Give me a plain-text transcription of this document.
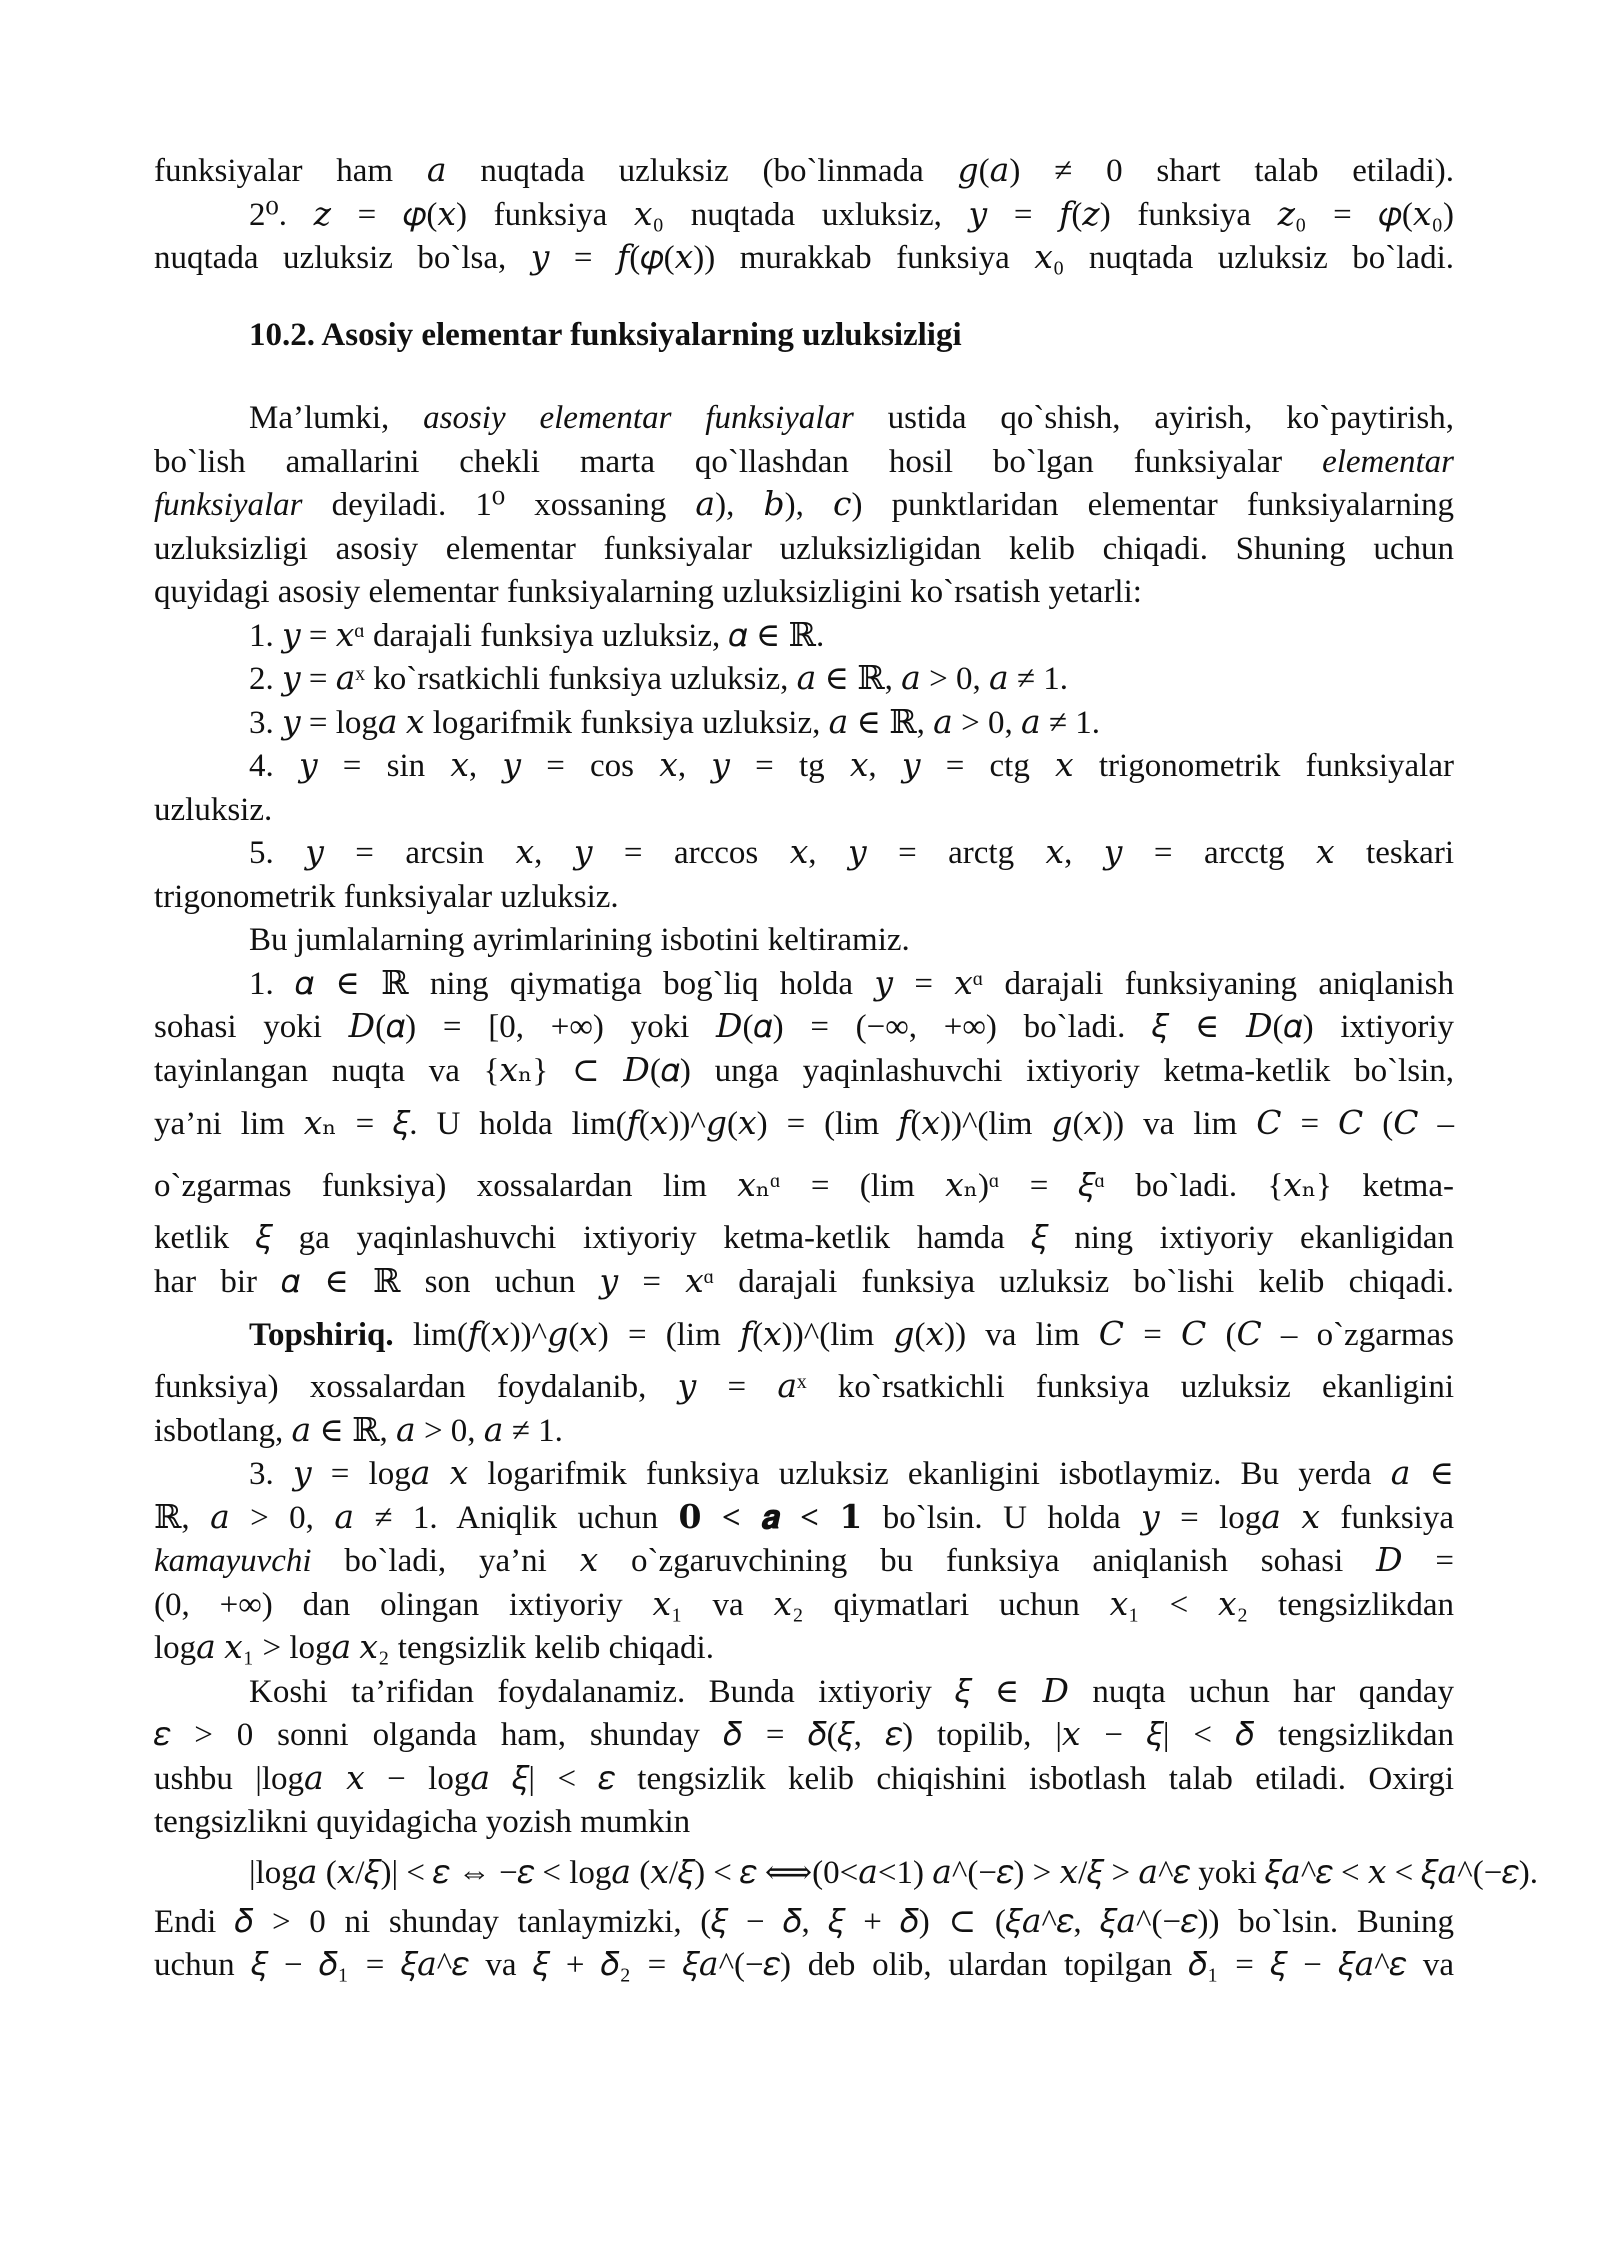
funksiyalar ham 𝑎 nuqtada uzluksiz (bo`linmada 𝑔(𝑎) ≠ 0 shart talab etiladi).
2⁰. 𝑧 = 𝜑(𝑥) funksiya 𝑥₀ nuqtada uxluksiz, 𝑦 = 𝑓(𝑧) funksiya 𝑧₀ = 𝜑(𝑥₀)
nuqtada uzluksiz bo`lsa, 𝑦 = 𝑓(𝜑(𝑥)) murakkab funksiya 𝑥₀ nuqtada uzluksiz bo`ladi.
10.2. Asosiy elementar funksiyalarning uzluksizligi
Ma’lumki, asosiy elementar funksiyalar ustida qo`shish, ayirish, ko`paytirish,
bo`lish amallarini chekli marta qo`llashdan hosil bo`lgan funksiyalar elementar
funksiyalar deyiladi. 1⁰ xossaning 𝑎), 𝑏), 𝑐) punktlaridan elementar funksiyalarning
uzluksizligi asosiy elementar funksiyalar uzluksizligidan kelib chiqadi. Shuning uchun
quyidagi asosiy elementar funksiyalarning uzluksizligini ko`rsatish yetarli:
1. 𝑦 = 𝑥ᵅ darajali funksiya uzluksiz, 𝛼 ∈ ℝ.
2. 𝑦 = 𝑎ˣ ko`rsatkichli funksiya uzluksiz, 𝑎 ∈ ℝ, 𝑎 > 0, 𝑎 ≠ 1.
3. 𝑦 = log𝑎 𝑥 logarifmik funksiya uzluksiz, 𝑎 ∈ ℝ, 𝑎 > 0, 𝑎 ≠ 1.
4. 𝑦 = sin 𝑥, 𝑦 = cos 𝑥, 𝑦 = tg 𝑥, 𝑦 = ctg 𝑥 trigonometrik funksiyalar
uzluksiz.
5. 𝑦 = arcsin 𝑥, 𝑦 = arccos 𝑥, 𝑦 = arctg 𝑥, 𝑦 = arcctg 𝑥 teskari
trigonometrik funksiyalar uzluksiz.
Bu jumlalarning ayrimlarining isbotini keltiramiz.
1. 𝛼 ∈ ℝ ning qiymatiga bog`liq holda 𝑦 = 𝑥ᵅ darajali funksiyaning aniqlanish
sohasi yoki 𝐷(𝛼) = [0, +∞) yoki 𝐷(𝛼) = (−∞, +∞) bo`ladi. 𝜉 ∈ 𝐷(𝛼) ixtiyoriy
tayinlangan nuqta va {𝑥ₙ} ⊂ 𝐷(𝛼) unga yaqinlashuvchi ixtiyoriy ketma-ketlik bo`lsin,
ya’ni lim 𝑥ₙ = 𝜉. U holda lim(𝑓(𝑥))^𝑔(𝑥) = (lim 𝑓(𝑥))^(lim 𝑔(𝑥)) va lim 𝐶 = 𝐶 (𝐶 –
o`zgarmas funksiya) xossalardan lim 𝑥ₙᵅ = (lim 𝑥ₙ)ᵅ = 𝜉ᵅ bo`ladi. {𝑥ₙ} ketma-
ketlik 𝜉 ga yaqinlashuvchi ixtiyoriy ketma-ketlik hamda 𝜉 ning ixtiyoriy ekanligidan
har bir 𝛼 ∈ ℝ son uchun 𝑦 = 𝑥ᵅ darajali funksiya uzluksiz bo`lishi kelib chiqadi.
Topshiriq. lim(𝑓(𝑥))^𝑔(𝑥) = (lim 𝑓(𝑥))^(lim 𝑔(𝑥)) va lim 𝐶 = 𝐶 (𝐶 – o`zgarmas
funksiya) xossalardan foydalanib, 𝑦 = 𝑎ˣ ko`rsatkichli funksiya uzluksiz ekanligini
isbotlang, 𝑎 ∈ ℝ, 𝑎 > 0, 𝑎 ≠ 1.
3. 𝑦 = log𝑎 𝑥 logarifmik funksiya uzluksiz ekanligini isbotlaymiz. Bu yerda 𝑎 ∈
ℝ, 𝑎 > 0, 𝑎 ≠ 1. Aniqlik uchun 𝟎 < 𝒂 < 𝟏 bo`lsin. U holda 𝑦 = log𝑎 𝑥 funksiya
kamayuvchi bo`ladi, ya’ni 𝑥 o`zgaruvchining bu funksiya aniqlanish sohasi 𝐷 =
(0, +∞) dan olingan ixtiyoriy 𝑥₁ va 𝑥₂ qiymatlari uchun 𝑥₁ < 𝑥₂ tengsizlikdan
log𝑎 𝑥₁ > log𝑎 𝑥₂ tengsizlik kelib chiqadi.
Koshi ta’rifidan foydalanamiz. Bunda ixtiyoriy 𝜉 ∈ 𝐷 nuqta uchun har qanday
𝜀 > 0 sonni olganda ham, shunday 𝛿 = 𝛿(𝜉, 𝜀) topilib, |𝑥 − 𝜉| < 𝛿 tengsizlikdan
ushbu |log𝑎 𝑥 − log𝑎 𝜉| < 𝜀 tengsizlik kelib chiqishini isbotlash talab etiladi. Oxirgi
tengsizlikni quyidagicha yozish mumkin
|log𝑎 (𝑥/𝜉)| < 𝜀 ⇔ −𝜀 < log𝑎 (𝑥/𝜉) < 𝜀 ⟺(0<𝑎<1) 𝑎^(−𝜀) > 𝑥/𝜉 > 𝑎^𝜀 yoki 𝜉𝑎^𝜀 < 𝑥 < 𝜉𝑎^(−𝜀).
Endi 𝛿 > 0 ni shunday tanlaymizki, (𝜉 − 𝛿, 𝜉 + 𝛿) ⊂ (𝜉𝑎^𝜀, 𝜉𝑎^(−𝜀)) bo`lsin. Buning
uchun 𝜉 − 𝛿₁ = 𝜉𝑎^𝜀 va 𝜉 + 𝛿₂ = 𝜉𝑎^(−𝜀) deb olib, ulardan topilgan 𝛿₁ = 𝜉 − 𝜉𝑎^𝜀 va
